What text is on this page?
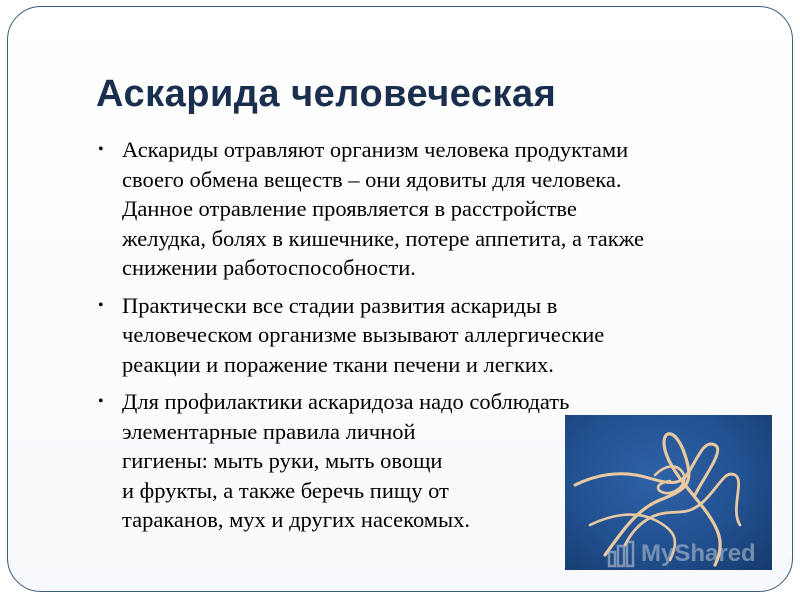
Аскарида человеческая
• Аскариды отравляют организм человека продуктами
своего обмена веществ – они ядовиты для человека.
Данное отравление проявляется в расстройстве
желудка, болях в кишечнике, потере аппетита, а также
снижении работоспособности.
• Практически все стадии развития аскариды в
человеческом организме вызывают аллергические
реакции и поражение ткани печени и легких.
• Для профилактики аскаридоза надо соблюдать
элементарные правила личной
гигиены: мыть руки, мыть овощи
и фрукты, а также беречь пищу от
тараканов, мух и других насекомых.
MyShared
